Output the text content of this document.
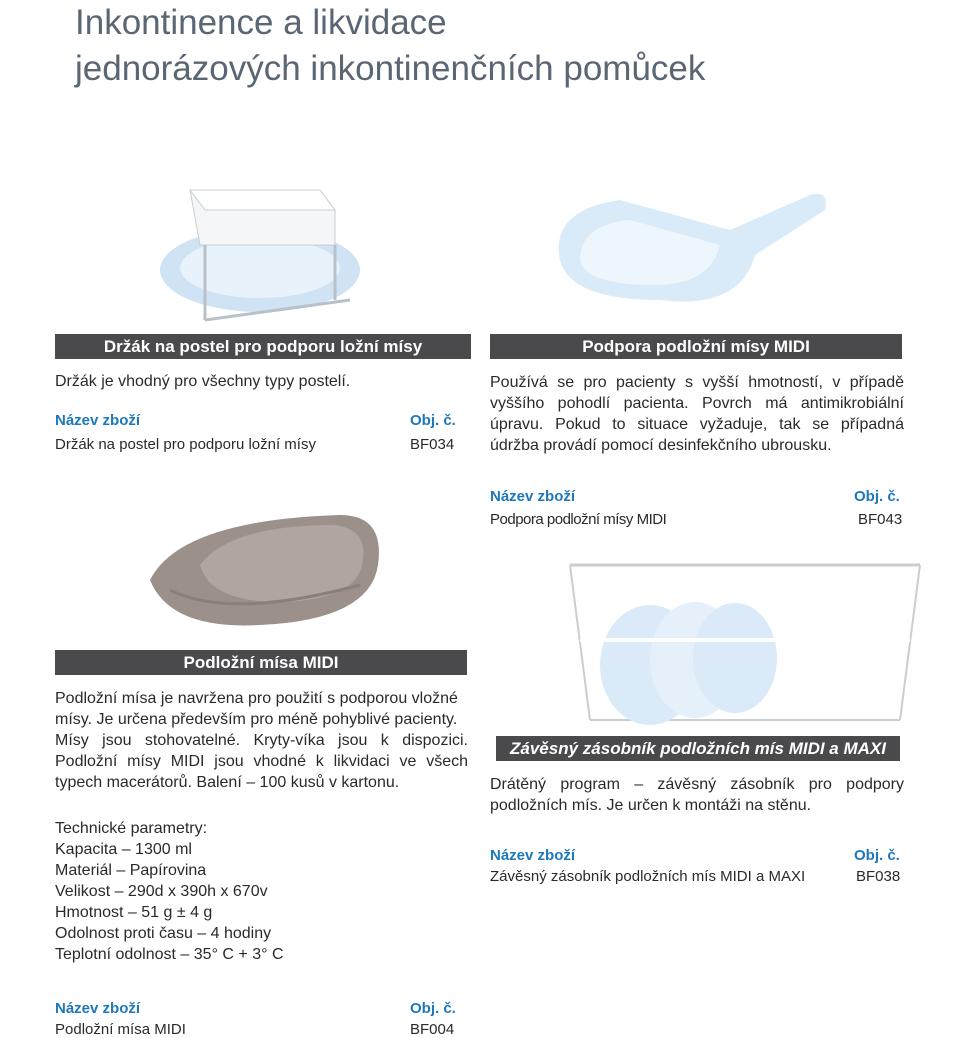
Inkontinence a likvidace
jednorázových inkontinenčních pomůcek
Držák na postel pro podporu ložní mísy
Držák je vhodný pro všechny typy postelí.
Název zboží	Obj. č.
Držák na postel pro podporu ložní mísy	BF034
Podpora podložní mísy MIDI
Používá se pro pacienty s vyšší hmotností, v případě
vyššího pohodlí pacienta. Povrch má antimikrobiální
úpravu. Pokud to situace vyžaduje, tak se případná
údržba provádí pomocí desinfekčního ubrousku.
Název zboží	Obj. č.
Podpora podložní mísy MIDI	BF043
Podložní mísa MIDI
Podložní mísa je navržena pro použití s podporou vložné
mísy. Je určena především pro méně pohyblivé pacienty.
Mísy jsou stohovatelné. Kryty-víka jsou k dispozici.
Podložní mísy MIDI jsou vhodné k likvidaci ve všech
typech macerátorů. Balení – 100 kusů v kartonu.
Technické parametry:
Kapacita – 1300 ml
Materiál – Papírovina
Velikost – 290d x 390h x 670v
Hmotnost – 51 g ± 4 g
Odolnost proti času – 4 hodiny
Teplotní odolnost – 35° C + 3° C
Název zboží	Obj. č.
Podložní mísa MIDI	BF004
Závěsný zásobník podložních mís MIDI a MAXI
Drátěný program – závěsný zásobník pro podpory
podložních mís. Je určen k montáži na stěnu.
Název zboží	Obj. č.
Závěsný zásobník podložních mís MIDI a MAXI	BF038
